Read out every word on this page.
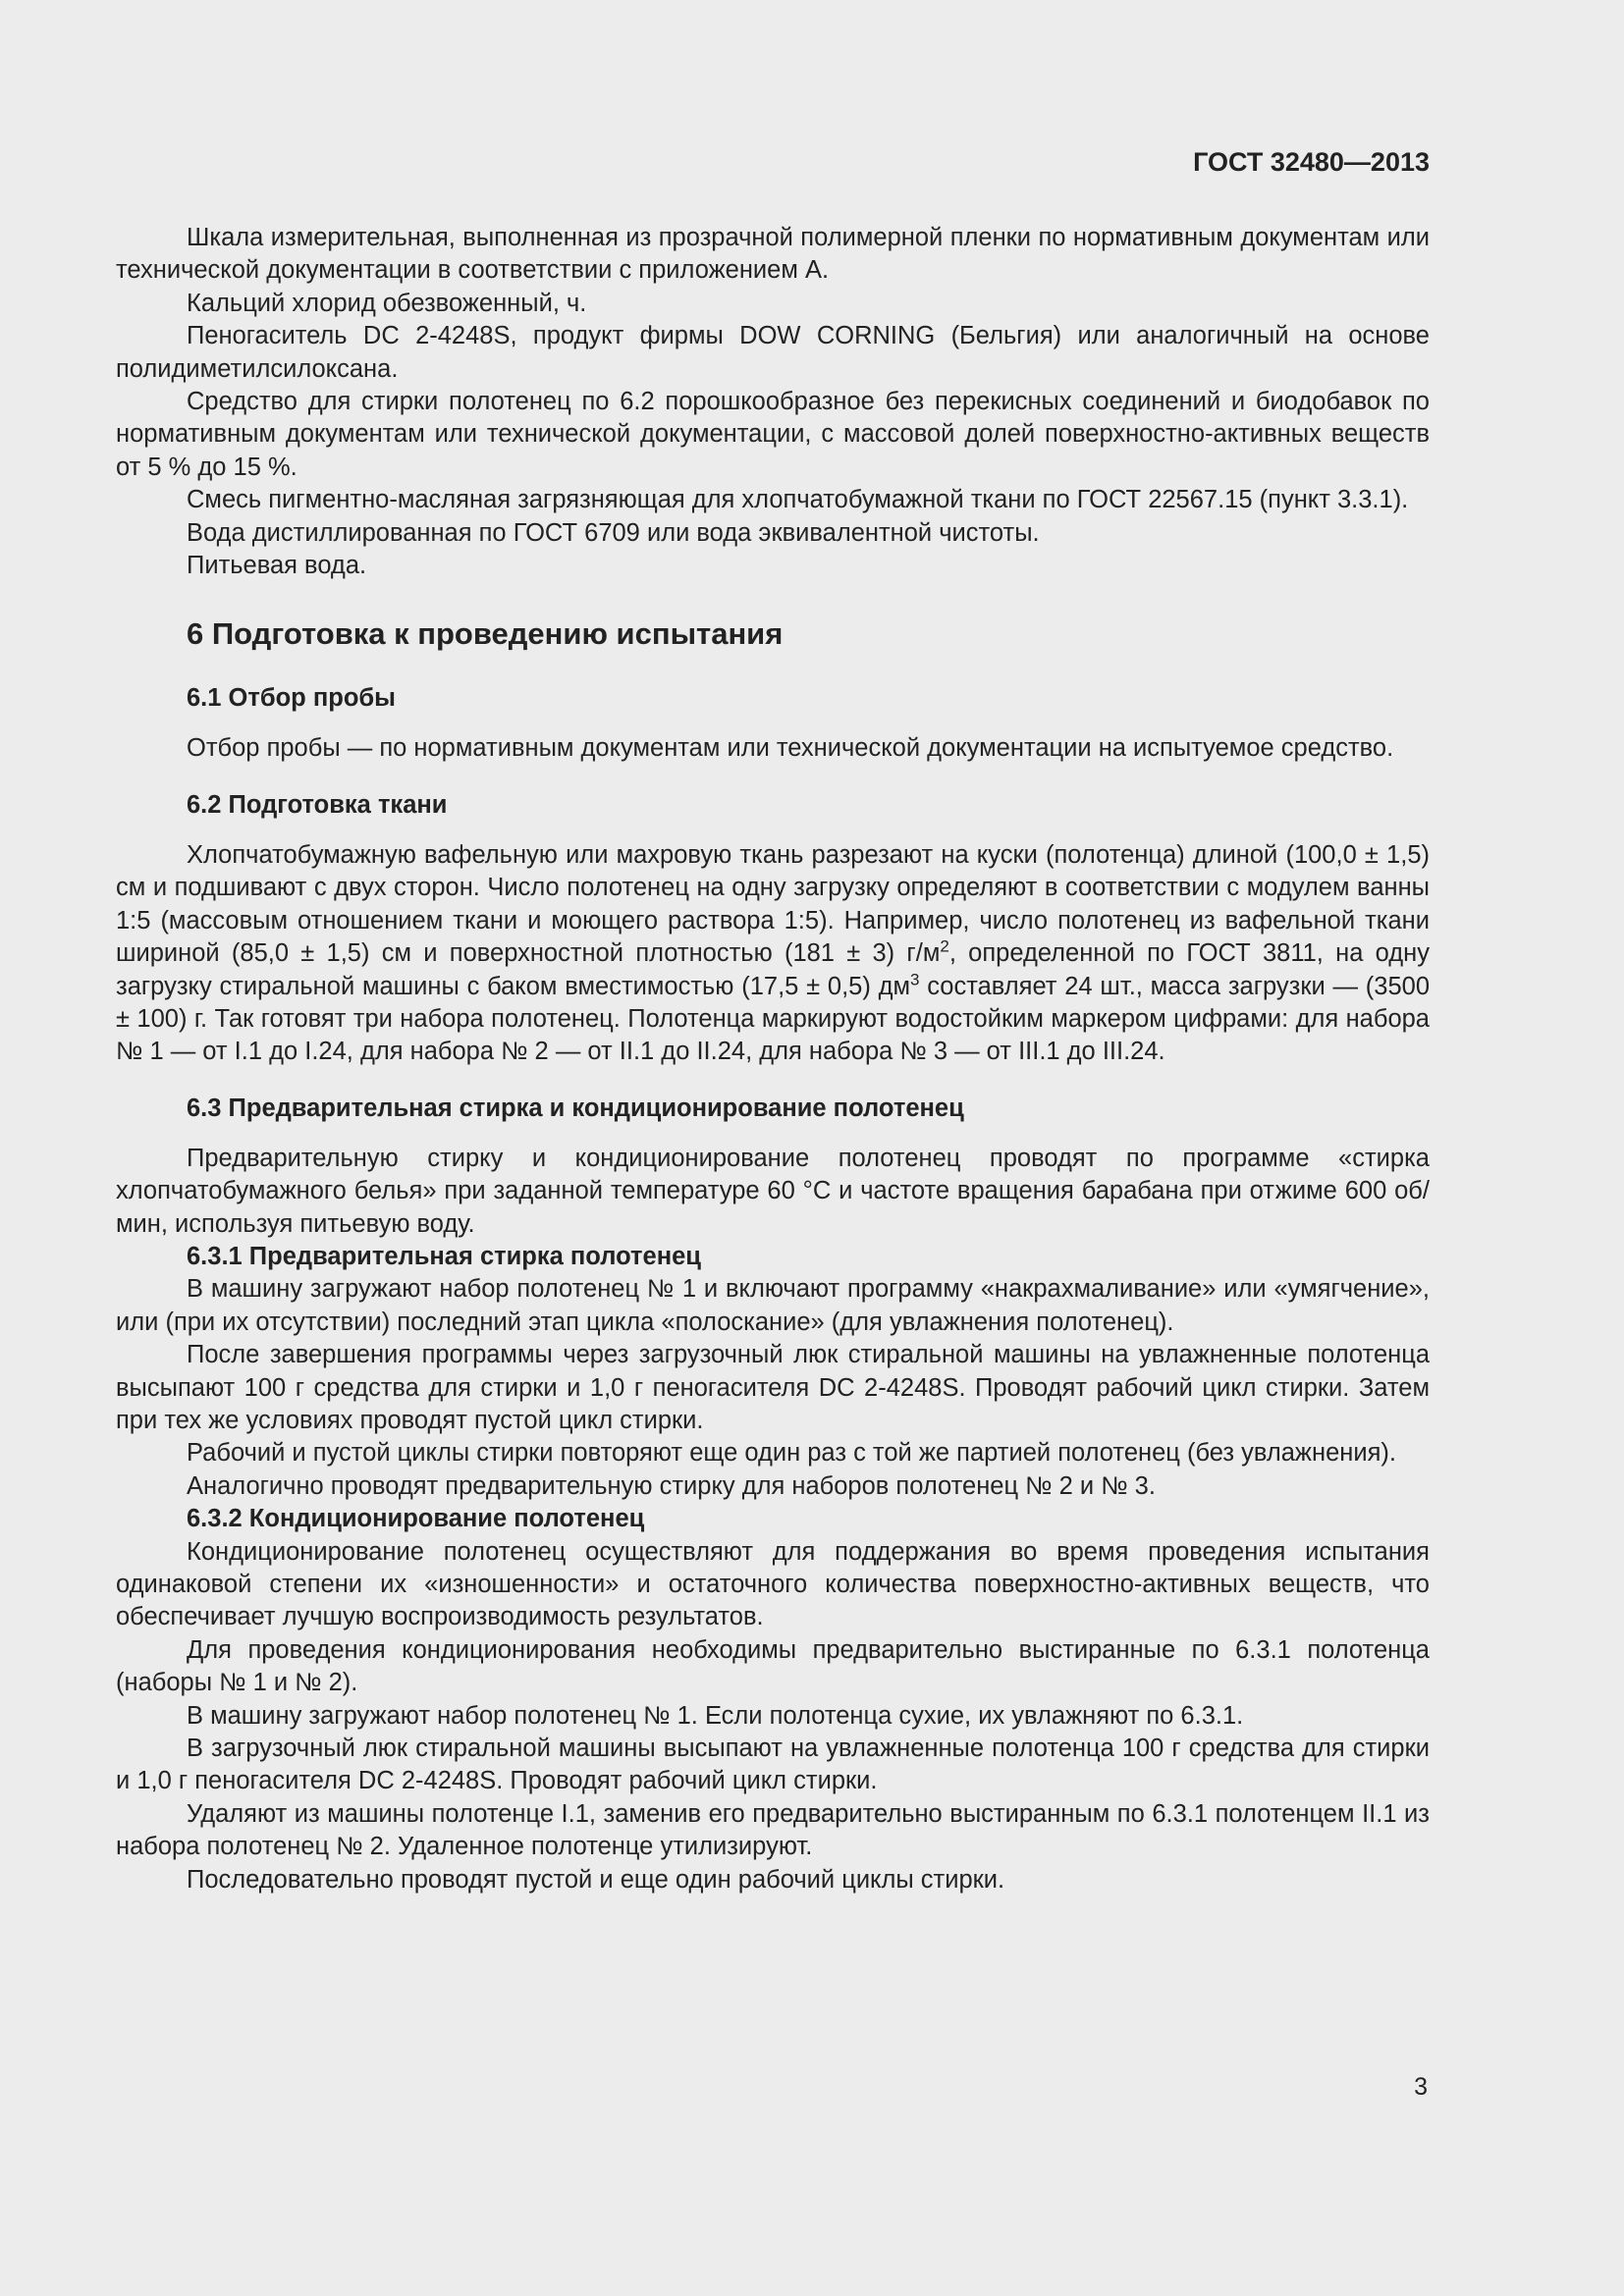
ГОСТ 32480—2013

Шкала измерительная, выполненная из прозрачной полимерной пленки по нормативным документам или технической документации в соответствии с приложением А.

Кальций хлорид обезвоженный, ч.

Пеногаситель DC 2-4248S, продукт фирмы DOW CORNING (Бельгия) или аналогичный на основе полидиметилсилоксана.

Средство для стирки полотенец по 6.2 порошкообразное без перекисных соединений и биодобавок по нормативным документам или технической документации, с массовой долей поверхностно-активных веществ от 5 % до 15 %.

Смесь пигментно-масляная загрязняющая для хлопчатобумажной ткани по ГОСТ 22567.15 (пункт 3.3.1).

Вода дистиллированная по ГОСТ 6709 или вода эквивалентной чистоты.

Питьевая вода.

6 Подготовка к проведению испытания
6.1 Отбор пробы

Отбор пробы — по нормативным документам или технической документации на испытуемое средство.

6.2 Подготовка ткани

Хлопчатобумажную вафельную или махровую ткань разрезают на куски (полотенца) длиной (100,0 ± 1,5) см и подшивают с двух сторон. Число полотенец на одну загрузку определяют в соответствии с модулем ванны 1:5 (массовым отношением ткани и моющего раствора 1:5). Например, число полотенец из вафельной ткани шириной (85,0 ± 1,5) см и поверхностной плотностью (181 ± 3) $г/м^2$, определенной по ГОСТ 3811, на одну загрузку стиральной машины с баком вместимостью (17,5 ± 0,5) $дм^3$ составляет 24 шт., масса загрузки — (3500 ± 100) г. Так готовят три набора полотенец. Полотенца маркируют водостойким маркером цифрами: для набора № 1 — от I.1 до I.24, для набора № 2 — от II.1 до II.24, для набора № 3 — от III.1 до III.24.

6.3 Предварительная стирка и кондиционирование полотенец

Предварительную стирку и кондиционирование полотенец проводят по программе «стирка хлопчатобумажного белья» при заданной температуре 60 °С и частоте вращения барабана при отжиме 600 об/мин, используя питьевую воду.

6.3.1 Предварительная стирка полотенец

В машину загружают набор полотенец № 1 и включают программу «накрахмаливание» или «умягчение», или (при их отсутствии) последний этап цикла «полоскание» (для увлажнения полотенец).

После завершения программы через загрузочный люк стиральной машины на увлажненные полотенца высыпают 100 г средства для стирки и 1,0 г пеногасителя DC 2-4248S. Проводят рабочий цикл стирки. Затем при тех же условиях проводят пустой цикл стирки.

Рабочий и пустой циклы стирки повторяют еще один раз с той же партией полотенец (без увлажнения).

Аналогично проводят предварительную стирку для наборов полотенец № 2 и № 3.

6.3.2 Кондиционирование полотенец

Кондиционирование полотенец осуществляют для поддержания во время проведения испытания одинаковой степени их «изношенности» и остаточного количества поверхностно-активных веществ, что обеспечивает лучшую воспроизводимость результатов.

Для проведения кондиционирования необходимы предварительно выстиранные по 6.3.1 полотенца (наборы № 1 и № 2).

В машину загружают набор полотенец № 1. Если полотенца сухие, их увлажняют по 6.3.1.

В загрузочный люк стиральной машины высыпают на увлажненные полотенца 100 г средства для стирки и 1,0 г пеногасителя DC 2-4248S. Проводят рабочий цикл стирки.

Удаляют из машины полотенце I.1, заменив его предварительно выстиранным по 6.3.1 полотенцем II.1 из набора полотенец № 2. Удаленное полотенце утилизируют.

Последовательно проводят пустой и еще один рабочий циклы стирки.

3
